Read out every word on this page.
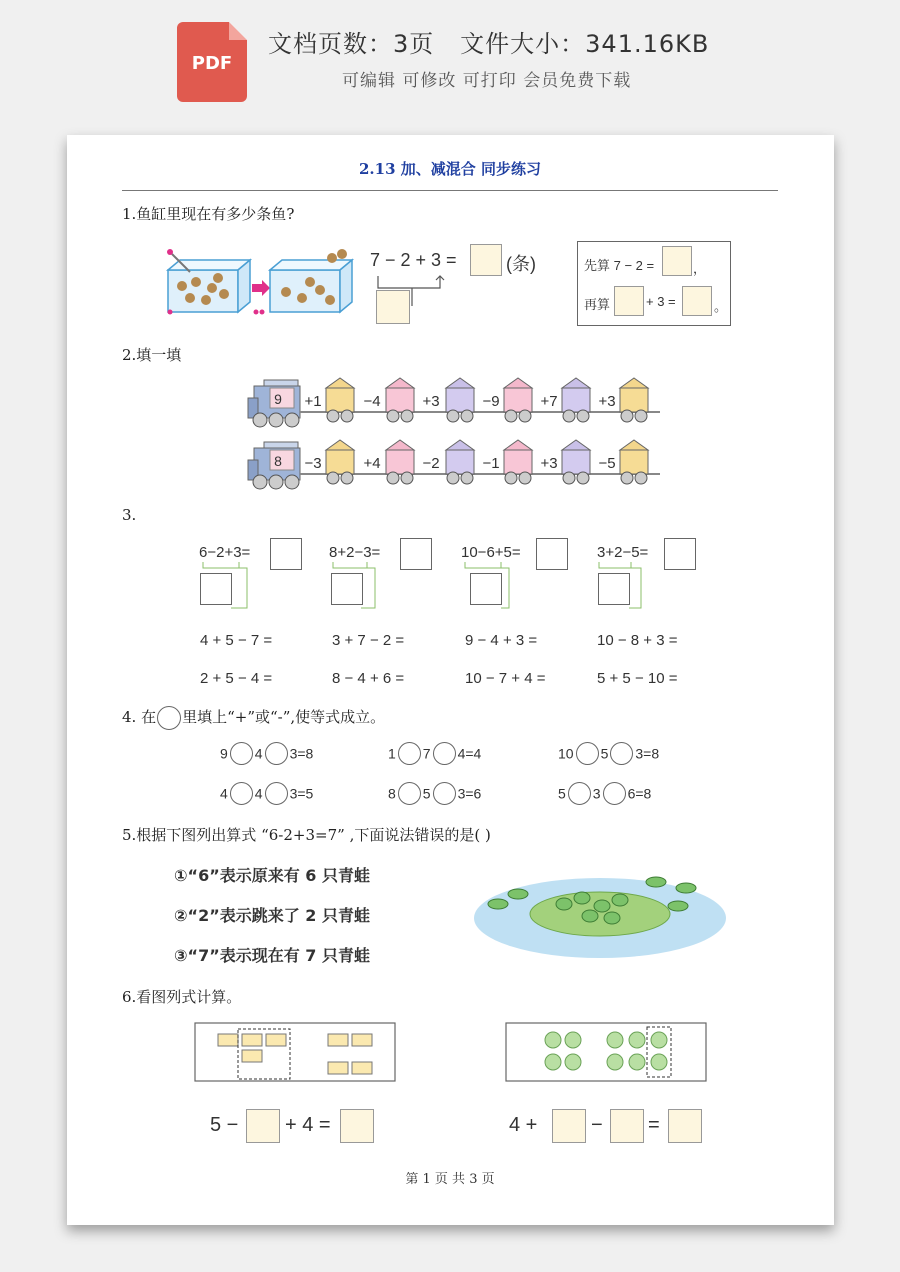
PDF
文档页数：3页   文件大小：341.16KB
可编辑 可修改 可打印 会员免费下载
2.13 加、减混合 同步练习
1.鱼缸里现在有多少条鱼?
7 − 2 + 3 =	(条)	先算 7 − 2 =	，
再算	+ 3 =	。
2.填一填
9
8
+1	−4	+3	−9	+7	+3
−3	+4	−2	−1	+3	−5
3.
6−2+3=	8+2−3=	10−6+5=	3+2−5=
4 + 5 − 7 =	3 + 7 − 2 =	9 − 4 + 3 =	10 − 8 + 3 =
2 + 5 − 4 =	8 − 4 + 6 =	10 − 7 + 4 =	5 + 5 − 10 =
4. 在 里填上“+”或“-”,使等式成立。
9 4 3=8	1 7 4=4	10 5 3=8
4 4 3=5	8 5 3=6	5 3 6=8
5.根据下图列出算式 “6-2+3=7” ,下面说法错误的是( )
①“6”表示原来有 6 只青蛙
②“2”表示跳来了 2 只青蛙
③“7”表示现在有 7 只青蛙
6.看图列式计算。
5 − + 4 =	4 +	− =
第 1 页 共 3 页
